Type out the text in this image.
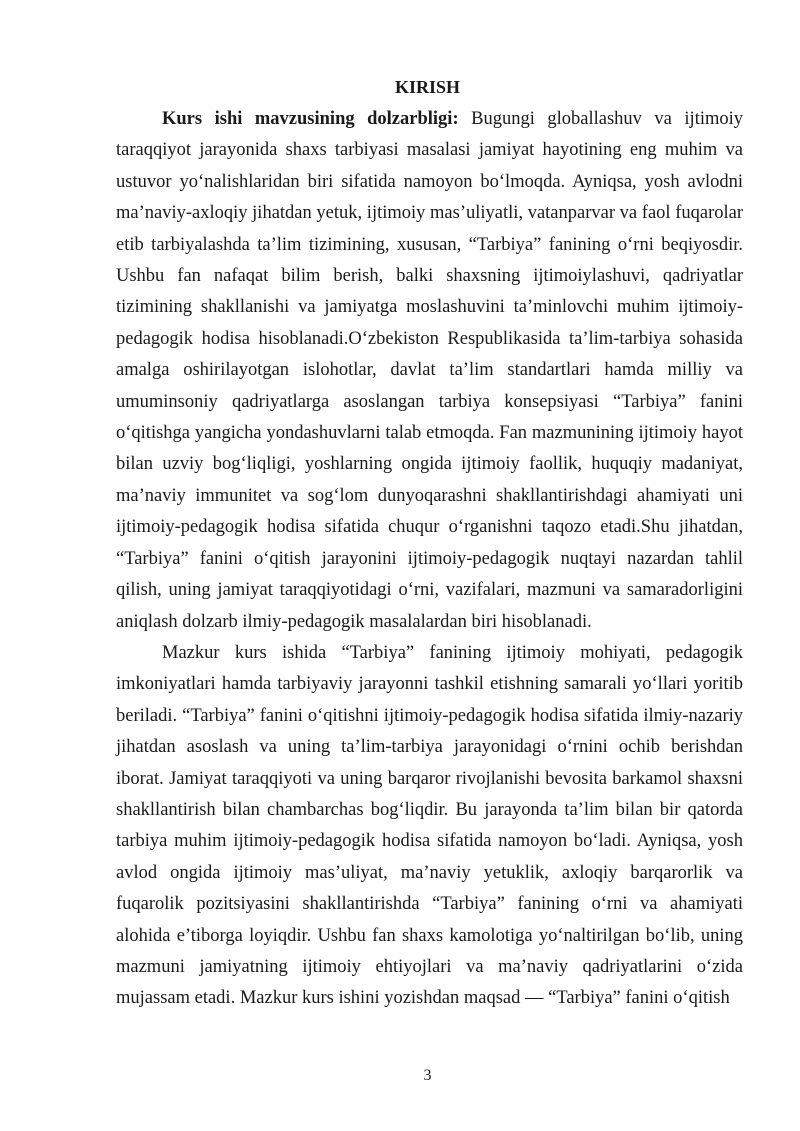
KIRISH

Kurs ishi mavzusining dolzarbligi: Bugungi globallashuv va ijtimoiy taraqqiyot jarayonida shaxs tarbiyasi masalasi jamiyat hayotining eng muhim va ustuvor yo‘nalishlaridan biri sifatida namoyon bo‘lmoqda. Ayniqsa, yosh avlodni ma’naviy-axloqiy jihatdan yetuk, ijtimoiy mas’uliyatli, vatanparvar va faol fuqarolar etib tarbiyalashda ta’lim tizimining, xususan, “Tarbiya” fanining o‘rni beqiyosdir. Ushbu fan nafaqat bilim berish, balki shaxsning ijtimoiylashuvi, qadriyatlar tizimining shakllanishi va jamiyatga moslashuvini ta’minlovchi muhim ijtimoiy-pedagogik hodisa hisoblanadi.O‘zbekiston Respublikasida ta’lim-tarbiya sohasida amalga oshirilayotgan islohotlar, davlat ta’lim standartlari hamda milliy va umuminsoniy qadriyatlarga asoslangan tarbiya konsepsiyasi “Tarbiya” fanini o‘qitishga yangicha yondashuvlarni talab etmoqda. Fan mazmunining ijtimoiy hayot bilan uzviy bog‘liqligi, yoshlarning ongida ijtimoiy faollik, huquqiy madaniyat, ma’naviy immunitet va sog‘lom dunyoqarashni shakllantirishdagi ahamiyati uni ijtimoiy-pedagogik hodisa sifatida chuqur o‘rganishni taqozo etadi.Shu jihatdan, “Tarbiya” fanini o‘qitish jarayonini ijtimoiy-pedagogik nuqtayi nazardan tahlil qilish, uning jamiyat taraqqiyotidagi o‘rni, vazifalari, mazmuni va samaradorligini aniqlash dolzarb ilmiy-pedagogik masalalardan biri hisoblanadi.

Mazkur kurs ishida “Tarbiya” fanining ijtimoiy mohiyati, pedagogik imkoniyatlari hamda tarbiyaviy jarayonni tashkil etishning samarali yo‘llari yoritib beriladi. “Tarbiya” fanini o‘qitishni ijtimoiy-pedagogik hodisa sifatida ilmiy-nazariy jihatdan asoslash va uning ta’lim-tarbiya jarayonidagi o‘rnini ochib berishdan iborat. Jamiyat taraqqiyoti va uning barqaror rivojlanishi bevosita barkamol shaxsni shakllantirish bilan chambarchas bog‘liqdir. Bu jarayonda ta’lim bilan bir qatorda tarbiya muhim ijtimoiy-pedagogik hodisa sifatida namoyon bo‘ladi. Ayniqsa, yosh avlod ongida ijtimoiy mas’uliyat, ma’naviy yetuklik, axloqiy barqarorlik va fuqarolik pozitsiyasini shakllantirishda “Tarbiya” fanining o‘rni va ahamiyati alohida e’tiborga loyiqdir. Ushbu fan shaxs kamolotiga yo‘naltirilgan bo‘lib, uning mazmuni jamiyatning ijtimoiy ehtiyojlari va ma’naviy qadriyatlarini o‘zida mujassam etadi. Mazkur kurs ishini yozishdan maqsad — “Tarbiya” fanini o‘qitish

3
